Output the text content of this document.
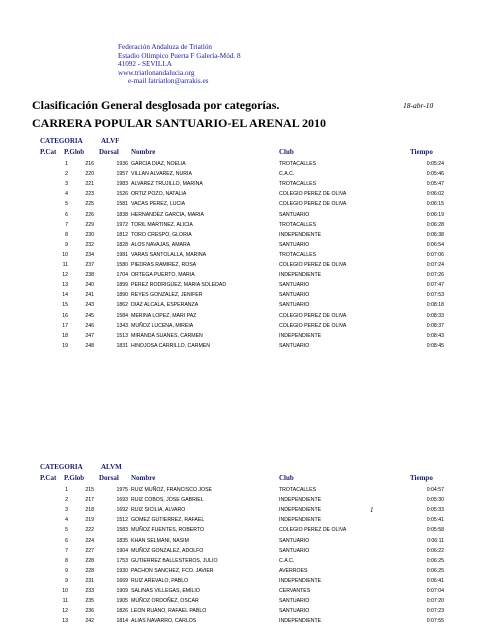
Federación Andaluza de Triatlón
Estadio Olímpico Puerta F Galería-Mód. 8
41092 - SEVILLA
www.triatlonandalucia.org
e-mail fatriatlon@arrakis.es
Clasificación General desglosada por categorías.	18-abr-10
CARRERA POPULAR SANTUARIO-EL ARENAL 2010
CATEGORIA	ALVF
P.Cat P.Glob Dorsal Nombre	Club	Tiempo
1	216	1936 GARCIA DIAZ, NOELIA	TROTACALLES	0:05:24
2	220	1957 VILLAN ALVAREZ, NURIA	C.A.C.	0:05:46
3	221	1983 ALVAREZ TRUJILLO, MARINA	TROTACALLES	0:05:47
4	223	1526 ORTIZ POZO, NATALIA	COLEGIO PEREZ DE OLIVA	0:06:02
5	225	1581 VACAS PEREZ, LUCIA	COLEGIO PEREZ DE OLIVA	0:06:15
6	226	1838 HERNANDEZ GARCIA, MARIA	SANTUARIO	0:06:19
7	229	1972 TORIL MARTINEZ, ALICIA	TROTACALLES	0:06:28
8	230	1812 TORO CRESPO, GLORIA	INDEPENDIENTE	0:06:38
9	232	1828 ALOS NAVAJAS, AMARA	SANTUARIO	0:06:54
10	234	1981 VARAS SANTOLALLA, MARINA	TROTACALLES	0:07:06
11	237	1580 PIEDRAS RAMIREZ, ROSA	COLEGIO PEREZ DE OLIVA	0:07:24
12	238	1704 ORTEGA PUERTO, MARIA	INDEPENDIENTE	0:07:26
13	240	1899 PEREZ RODRIGUEZ, MARIA SOLEDAD	SANTUARIO	0:07:47
14	241	1890 REYES GONZALEZ, JENIFER	SANTUARIO	0:07:53
15	243	1862 DIAZ ALCALA, ESPERANZA	SANTUARIO	0:08:18
16	245	1584 MERINA LOPEZ, MARI PAZ	COLEGIO PEREZ DE OLIVA	0:08:33
17	246	1343 MUÑOZ LUCENA, MIREIA	COLEGIO PEREZ DE OLIVA	0:08:37
18	247	1513 MIRANDA SUANES, CARMEN	INDEPENDIENTE	0:08:43
19	248	1831 HINOJOSA CARRILLO, CARMEN	SANTUARIO	0:08:45
CATEGORIA	ALVM
P.Cat P.Glob Dorsal Nombre	Club	Tiempo
1	215	1975 RUIZ MUÑOZ, FRANCISCO JOSE	TROTACALLES	0:04:57
2	217	1693 RUIZ COBOS, JOSE GABRIEL	INDEPENDIENTE	0:05:30
3	218	1692 RUIZ SICILIA, ALVARO	INDEPENDIENTE	0:05:33
4	219	1512 GOMEZ GUTIERREZ, RAFAEL	INDEPENDIENTE	0:05:41
5	222	1583 MUÑOZ FUENTES, ROBERTO	COLEGIO PEREZ DE OLIVA	0:05:58
6	224	1835 KHAN SELMANI, NASIM	SANTUARIO	0:06:11
7	227	1904 MUÑOZ GONZALEZ, ADOLFO	SANTUARIO	0:06:22
8	228	1753 GUTIERREZ BALLESTEROS, JULIO	C.A.C.	0:06:25
9	228	1930 PACHON SANCHEZ, FCO. JAVIER	AVERROES	0:06:25
9	231	1669 RUIZ AREVALO, PABLO	INDEPENDIENTE	0:06:41
10	233	1909 SALINAS VILLEGAS, EMILIO	CERVANTES	0:07:04
11	235	1905 MUÑOZ ORDOÑEZ, OSCAR	SANTUARIO	0:07:20
12	236	1826 LEON RUANO, RAFAEL PABLO	SANTUARIO	0:07:23
13	242	1814 ALIAS NAVARRO, CARLOS	INDEPENDIENTE	0:07:55
1
